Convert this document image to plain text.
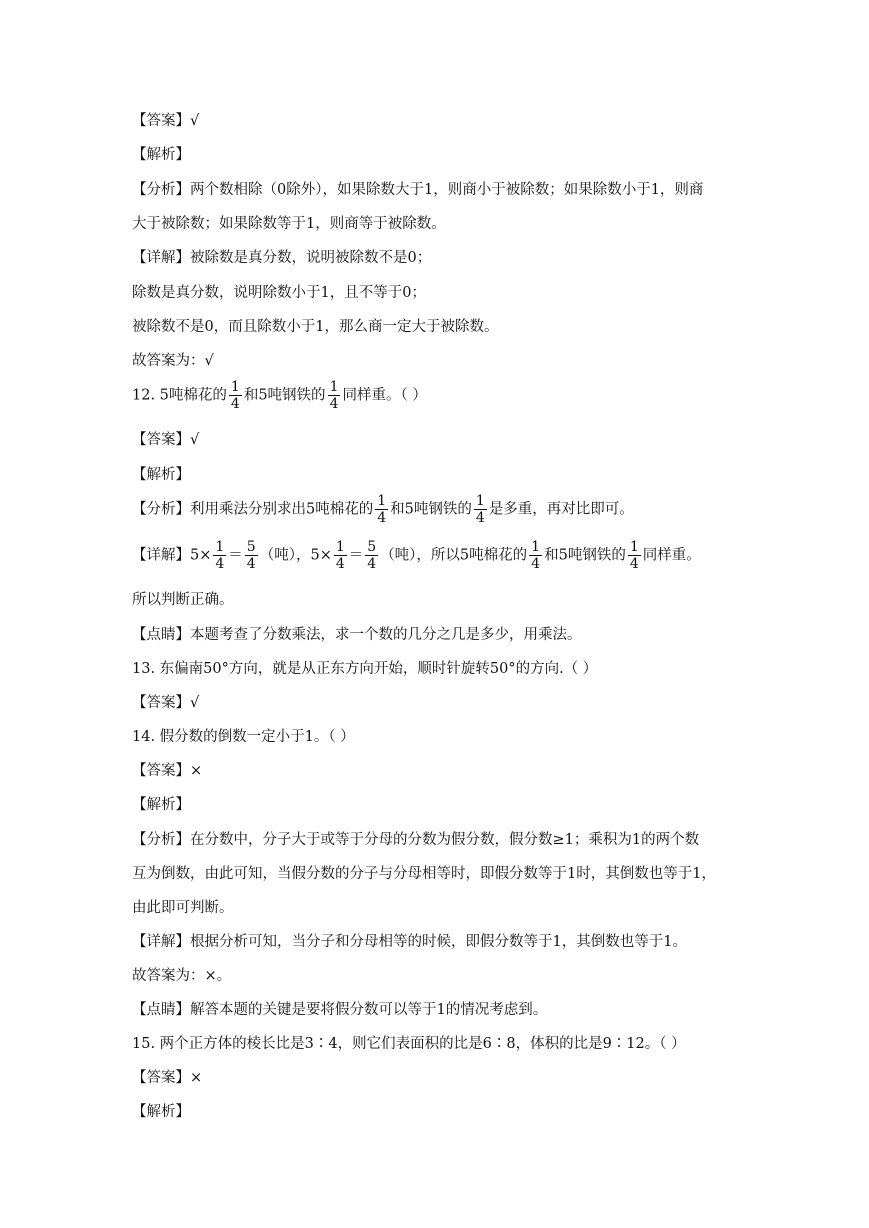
【答案】√
【解析】
【分析】两个数相除（0除外），如果除数大于1，则商小于被除数；如果除数小于1，则商
大于被除数；如果除数等于1，则商等于被除数。
【详解】被除数是真分数，说明被除数不是0；
除数是真分数，说明除数小于1，且不等于0；
被除数不是0，而且除数小于1，那么商一定大于被除数。
故答案为：√
12. 5吨棉花的 $\frac{1}{4}$ 和5吨钢铁的 $\frac{1}{4}$ 同样重。（ ）
【答案】√
【解析】
【分析】利用乘法分别求出5吨棉花的 $\frac{1}{4}$ 和5吨钢铁的 $\frac{1}{4}$ 是多重，再对比即可。
【详解】$5\times \frac{1}{4} = \frac{5}{4}$ （吨），$5\times \frac{1}{4} = \frac{5}{4}$ （吨），所以5吨棉花的 $\frac{1}{4}$ 和5吨钢铁的 $\frac{1}{4}$ 同样重。
所以判断正确。
【点睛】本题考查了分数乘法，求一个数的几分之几是多少，用乘法。
13. 东偏南50°方向，就是从正东方向开始，顺时针旋转50°的方向.（ ）
【答案】√
14. 假分数的倒数一定小于1。（ ）
【答案】×
【解析】
【分析】在分数中，分子大于或等于分母的分数为假分数，假分数≥1；乘积为1的两个数
互为倒数，由此可知，当假分数的分子与分母相等时，即假分数等于1时，其倒数也等于1，
由此即可判断。
【详解】根据分析可知，当分子和分母相等的时候，即假分数等于1，其倒数也等于1。
故答案为：×。
【点睛】解答本题的关键是要将假分数可以等于1的情况考虑到。
15. 两个正方体的棱长比是3∶4，则它们表面积的比是6∶8，体积的比是9∶12。（ ）
【答案】×
【解析】
